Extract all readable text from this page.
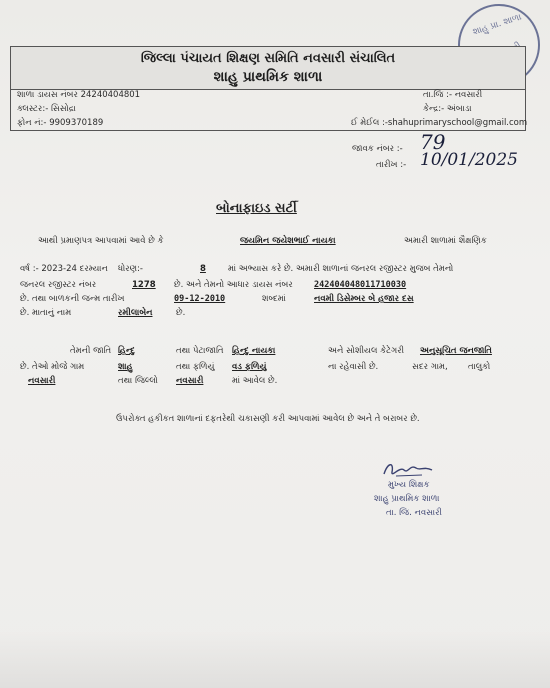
શાહુ પ્રા. શાળા
જિલ્લા પંચાયત શિક્ષણ સમિતિ નવસારી સંચાલિત
શાહુ પ્રાથમિક શાળા
શાળા ડાયસ નંબર 24240404801	તા.જિ :- નવસારી
ક્લસ્ટર:- સિસોદ્રા	કેન્દ્ર:- અંબાડા
ફોન નં:- 9909370189	ઈ મેઈલ :-shahuprimaryschool@gmail.com
જાવક નંબર :- 79
તારીખ :- 10/01/2025
બોનાફાઇડ સર્ટી
આથી પ્રમાણપત્ર આપવામાં આવે છે કે	જયમિન જયેશભાઈ નાયકા	અમારી શાળામાં શૈક્ષણિક
વર્ષ :- 2023-24 દરમ્યાન ધોરણ:-	8	માં અભ્યાસ કરે છે. અમારી શાળાનાં જનરલ રજીસ્ટર મુજબ તેમનો
જનરલ રજીસ્ટર નંબર	1278 છે. અને તેમનો આધાર ડાયસ નંબર	242404048011710030
છે. તથા બાળકની જન્મ તારીખ	09-12-2010	શબ્દમાં	નવમી ડિસેમ્બર બે હજાર દસ
છે. માતાનું નામ	રમીલાબેન	છે.
તેમની જાતિ હિન્દુ	તથા પેટાજાતિ હિન્દુ નાયકા	અને સોશીયલ કેટેગરી અનુસૂચિત જનજાતિ
છે. તેઓ મોજે ગામ	શાહુ	તથા ફળિયું વડ ફળિયું	ના રહેવાસી છે.	સદર ગામ, તાલુકો
નવસારી	તથા જિલ્લો નવસારી	માં આવેલ છે.
ઉપરોક્ત હકીકત શાળાનાં દફતરેથી ચકાસણી કરી આપવામાં આવેલ છે અને તે બરાબર છે.
મુખ્ય શિક્ષક
શાહુ પ્રાથમિક શાળા
તા. જિ. નવસારી
